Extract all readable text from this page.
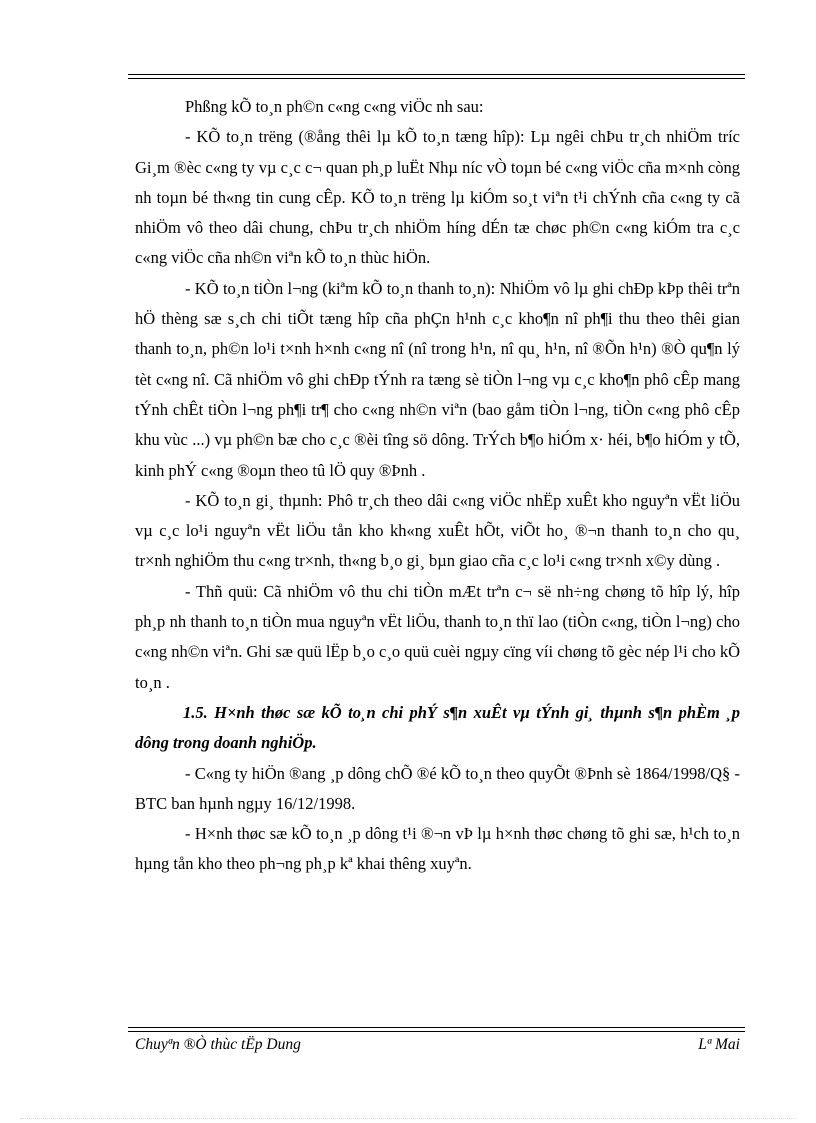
Phßng kÕ to¸n ph©n c«ng c«ng viÖc nh sau:

- KÕ to¸n trëng (®ång thêi lµ kÕ to¸n tæng hîp): Lµ ngêi chÞu tr¸ch nhiÖm tríc Gi¸m ®èc c«ng ty vµ c¸c c¬ quan ph¸p luËt Nhµ níc vÒ toµn bé c«ng viÖc cña m×nh còng nh toµn bé th«ng tin cung cÊp. KÕ to¸n trëng lµ kiÓm so¸t viªn t¹i chÝnh cña c«ng ty cã nhiÖm vô theo dâi chung, chÞu tr¸ch nhiÖm híng dÉn tæ chøc ph©n c«ng kiÓm tra c¸c c«ng viÖc cña nh©n viªn kÕ to¸n thùc hiÖn.

- KÕ to¸n tiÒn l¬ng (kiªm kÕ to¸n thanh to¸n): NhiÖm vô lµ ghi chÐp kÞp thêi trªn hÖ thèng sæ s¸ch chi tiÕt tæng hîp cña phÇn h¹nh c¸c kho¶n nî ph¶i thu theo thêi gian thanh to¸n, ph©n lo¹i t×nh h×nh c«ng nî (nî trong h¹n, nî qu¸ h¹n, nî ®Õn h¹n) ®Ò qu¶n lý tèt c«ng nî. Cã nhiÖm vô ghi chÐp tÝnh ra tæng sè tiÒn l¬ng vµ c¸c kho¶n phô cÊp mang tÝnh chÊt tiÒn l¬ng ph¶i tr¶ cho c«ng nh©n viªn (bao gåm tiÒn l¬ng, tiÒn c«ng phô cÊp khu vùc ...) vµ ph©n bæ cho c¸c ®èi tîng sö dông. TrÝch b¶o hiÓm x· héi, b¶o hiÓm y tÕ, kinh phÝ c«ng ®oµn theo tû lÖ quy ®Þnh .

- KÕ to¸n gi¸ thµnh: Phô tr¸ch theo dâi c«ng viÖc nhËp xuÊt kho nguyªn vËt liÖu vµ c¸c lo¹i nguyªn vËt liÖu tån kho kh«ng xuÊt hÕt, viÕt ho¸ ®¬n thanh to¸n cho qu¸ tr×nh nghiÖm thu c«ng tr×nh, th«ng b¸o gi¸ bµn giao cña c¸c lo¹i c«ng tr×nh x©y dùng .

- Thñ quü: Cã nhiÖm vô thu chi tiÒn mÆt trªn c¬ së nh÷ng chøng tõ hîp lý, hîp ph¸p nh thanh to¸n tiÒn mua nguyªn vËt liÖu, thanh to¸n thï lao (tiÒn c«ng, tiÒn l¬ng) cho c«ng nh©n viªn. Ghi sæ quü lËp b¸o c¸o quü cuèi ngµy cïng víi chøng tõ gèc nép l¹i cho kÕ to¸n .

1.5. H×nh thøc sæ kÕ to¸n chi phÝ s¶n xuÊt vµ tÝnh gi¸ thµnh s¶n phÈm ¸p dông trong doanh nghiÖp.

- C«ng ty hiÖn ®ang ¸p dông chÕ ®é kÕ to¸n theo quyÕt ®Þnh sè 1864/1998/Q§ - BTC ban hµnh ngµy 16/12/1998.

- H×nh thøc sæ kÕ to¸n ¸p dông t¹i ®¬n vÞ lµ h×nh thøc chøng tõ ghi sæ, h¹ch to¸n hµng tån kho theo ph¬ng ph¸p kª khai thêng xuyªn.

Chuyªn ®Ò thùc tËp Dung	Lª Mai
